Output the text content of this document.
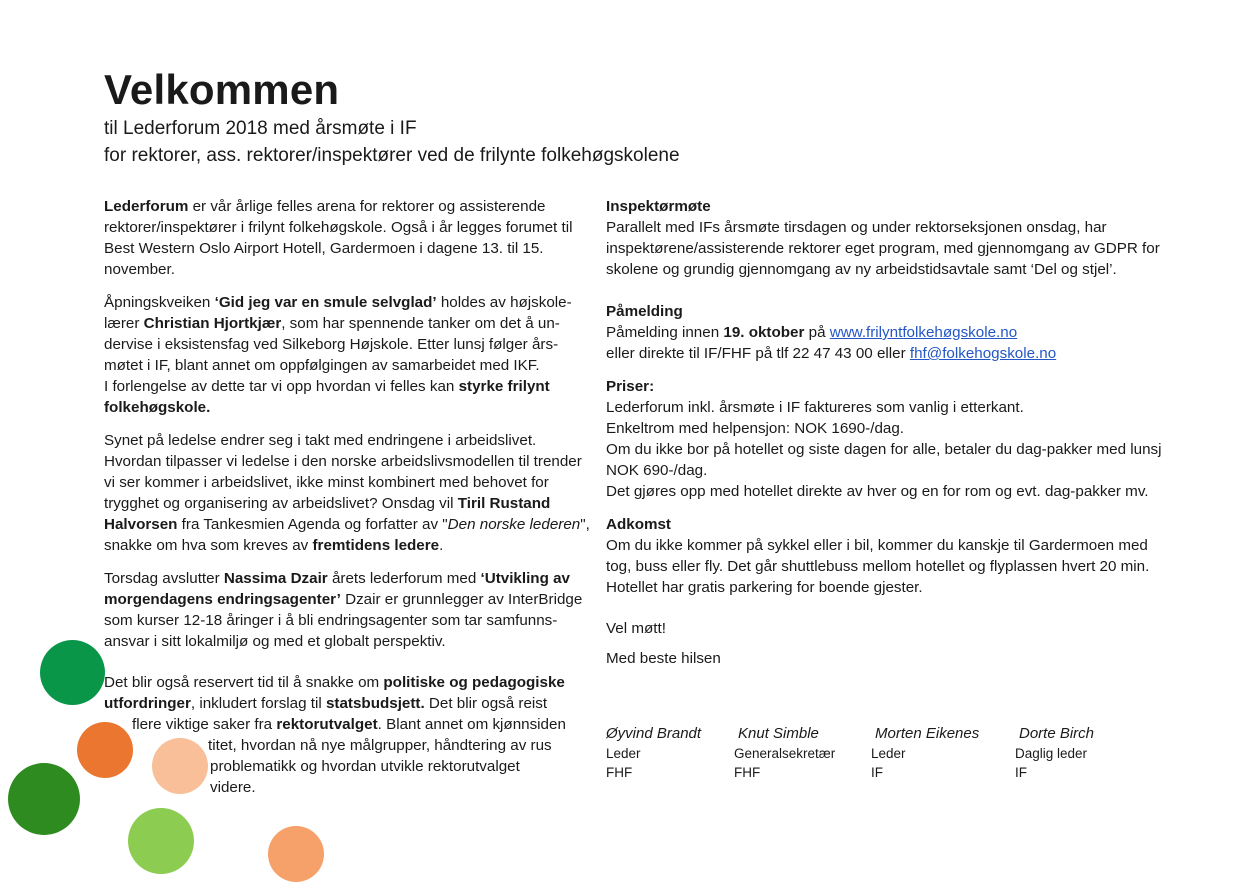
Velkommen

til Lederforum 2018 med årsmøte i IF

for rektorer, ass. rektorer/inspektører ved de frilynte folkehøgskolene

Lederforum er vår årlige felles arena for rektorer og assisterende rektorer/inspektører i frilynt folkehøgskole. Også i år legges forumet til Best Western Oslo Airport Hotell, Gardermoen i dagene 13. til 15. november.

Åpningskveiken ‘Gid jeg var en smule selvglad’ holdes av højskolelærer Christian Hjortkjær, som har spennende tanker om det å undervise i eksistensfag ved Silkeborg Højskole. Etter lunsj følger årsmøtet i IF, blant annet om oppfølgingen av samarbeidet med IKF.
I forlengelse av dette tar vi opp hvordan vi felles kan styrke frilynt folkehøgskole.

Synet på ledelse endrer seg i takt med endringene i arbeidslivet. Hvordan tilpasser vi ledelse i den norske arbeidslivsmodellen til trender vi ser kommer i arbeidslivet, ikke minst kombinert med behovet for trygghet og organisering av arbeidslivet? Onsdag vil Tiril Rustand Halvorsen fra Tankesmien Agenda og forfatter av "Den norske lederen", snakke om hva som kreves av fremtidens ledere.

Torsdag avslutter Nassima Dzair årets lederforum med ‘Utvikling av morgendagens endringsagenter’ Dzair er grunnlegger av InterBridge som kurser 12-18 åringer i å bli endringsagenter som tar samfunnsansvar i sitt lokalmiljø og med et globalt perspektiv.

Det blir også reservert tid til å snakke om politiske og pedagogiske utfordringer, inkludert forslag til statsbudsjett. Det blir også reist
flere viktige saker fra rektorutvalget. Blant annet om kjønnsiden
titet, hvordan nå nye målgrupper, håndtering av rus
problematikk og hvordan utvikle rektorutvalget
videre.

Inspektørmøte

Parallelt med IFs årsmøte tirsdagen og under rektorseksjonen onsdag, har inspektørene/assisterende rektorer eget program, med gjennomgang av GDPR for skolene og grundig gjennomgang av ny arbeidstidsavtale samt ‘Del og stjel’.

Påmelding

Påmelding innen 19. oktober på www.frilyntfolkehøgskole.no
eller direkte til IF/FHF på tlf 22 47 43 00 eller fhf@folkehogskole.no

Priser:

Lederforum inkl. årsmøte i IF faktureres som vanlig i etterkant.

Enkeltrom med helpensjon: NOK 1690-/dag.

Om du ikke bor på hotellet og siste dagen for alle, betaler du dag-pakker med lunsj NOK 690-/dag.

Det gjøres opp med hotellet direkte av hver og en for rom og evt. dag-pakker mv.

Adkomst

Om du ikke kommer på sykkel eller i bil, kommer du kanskje til Gardermoen med tog, buss eller fly. Det går shuttlebuss mellom hotellet og flyplassen hvert 20 min. Hotellet har gratis parkering for boende gjester.

Vel møtt!

Med beste hilsen

Øyvind Brandt
Leder
FHF
Knut Simble
Generalsekretær
FHF
Morten Eikenes
Leder
IF
Dorte Birch
Daglig leder
IF
